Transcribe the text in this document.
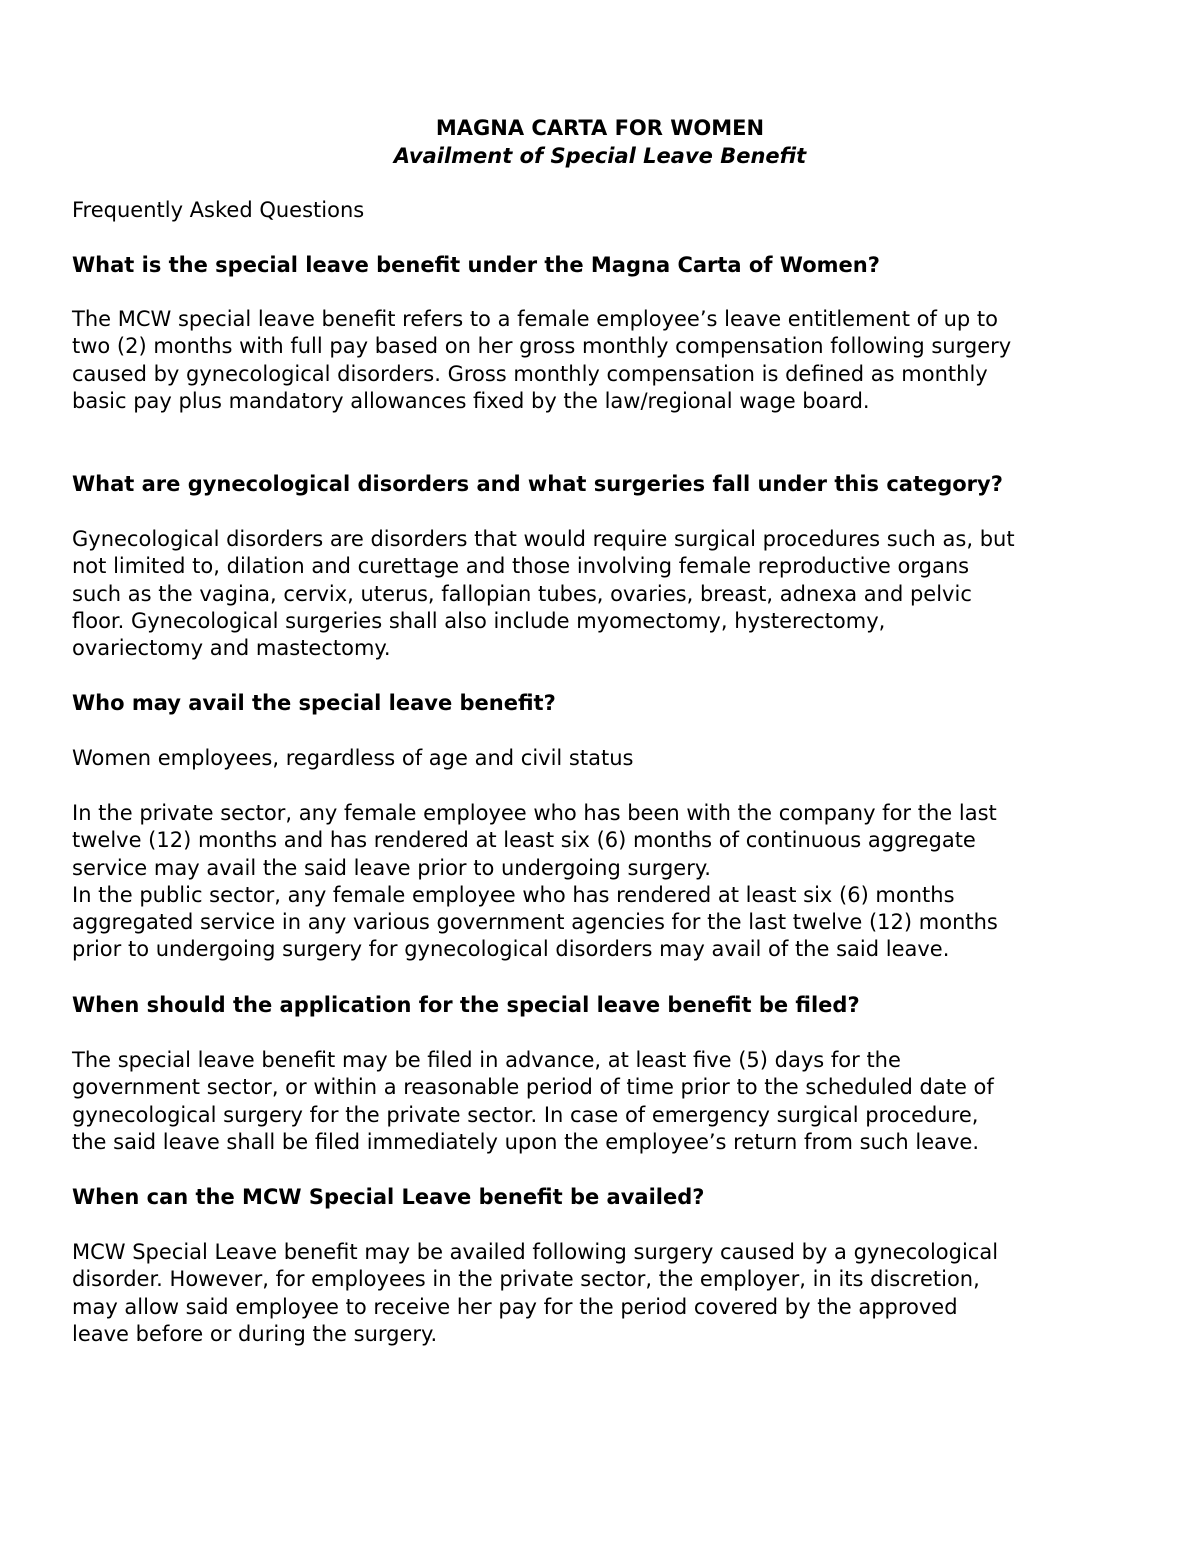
MAGNA CARTA FOR WOMEN
Availment of Special Leave Benefit
Frequently Asked Questions
What is the special leave benefit under the Magna Carta of Women?
The MCW special leave benefit refers to a female employee’s leave entitlement of up to
two (2) months with full pay based on her gross monthly compensation following surgery
caused by gynecological disorders. Gross monthly compensation is defined as monthly
basic pay plus mandatory allowances fixed by the law/regional wage board.
What are gynecological disorders and what surgeries fall under this category?
Gynecological disorders are disorders that would require surgical procedures such as, but
not limited to, dilation and curettage and those involving female reproductive organs
such as the vagina, cervix, uterus, fallopian tubes, ovaries, breast, adnexa and pelvic
floor. Gynecological surgeries shall also include myomectomy, hysterectomy,
ovariectomy and mastectomy.
Who may avail the special leave benefit?
Women employees, regardless of age and civil status
In the private sector, any female employee who has been with the company for the last
twelve (12) months and has rendered at least six (6) months of continuous aggregate
service may avail the said leave prior to undergoing surgery.
In the public sector, any female employee who has rendered at least six (6) months
aggregated service in any various government agencies for the last twelve (12) months
prior to undergoing surgery for gynecological disorders may avail of the said leave.
When should the application for the special leave benefit be filed?
The special leave benefit may be filed in advance, at least five (5) days for the
government sector, or within a reasonable period of time prior to the scheduled date of
gynecological surgery for the private sector. In case of emergency surgical procedure,
the said leave shall be filed immediately upon the employee’s return from such leave.
When can the MCW Special Leave benefit be availed?
MCW Special Leave benefit may be availed following surgery caused by a gynecological
disorder. However, for employees in the private sector, the employer, in its discretion,
may allow said employee to receive her pay for the period covered by the approved
leave before or during the surgery.
